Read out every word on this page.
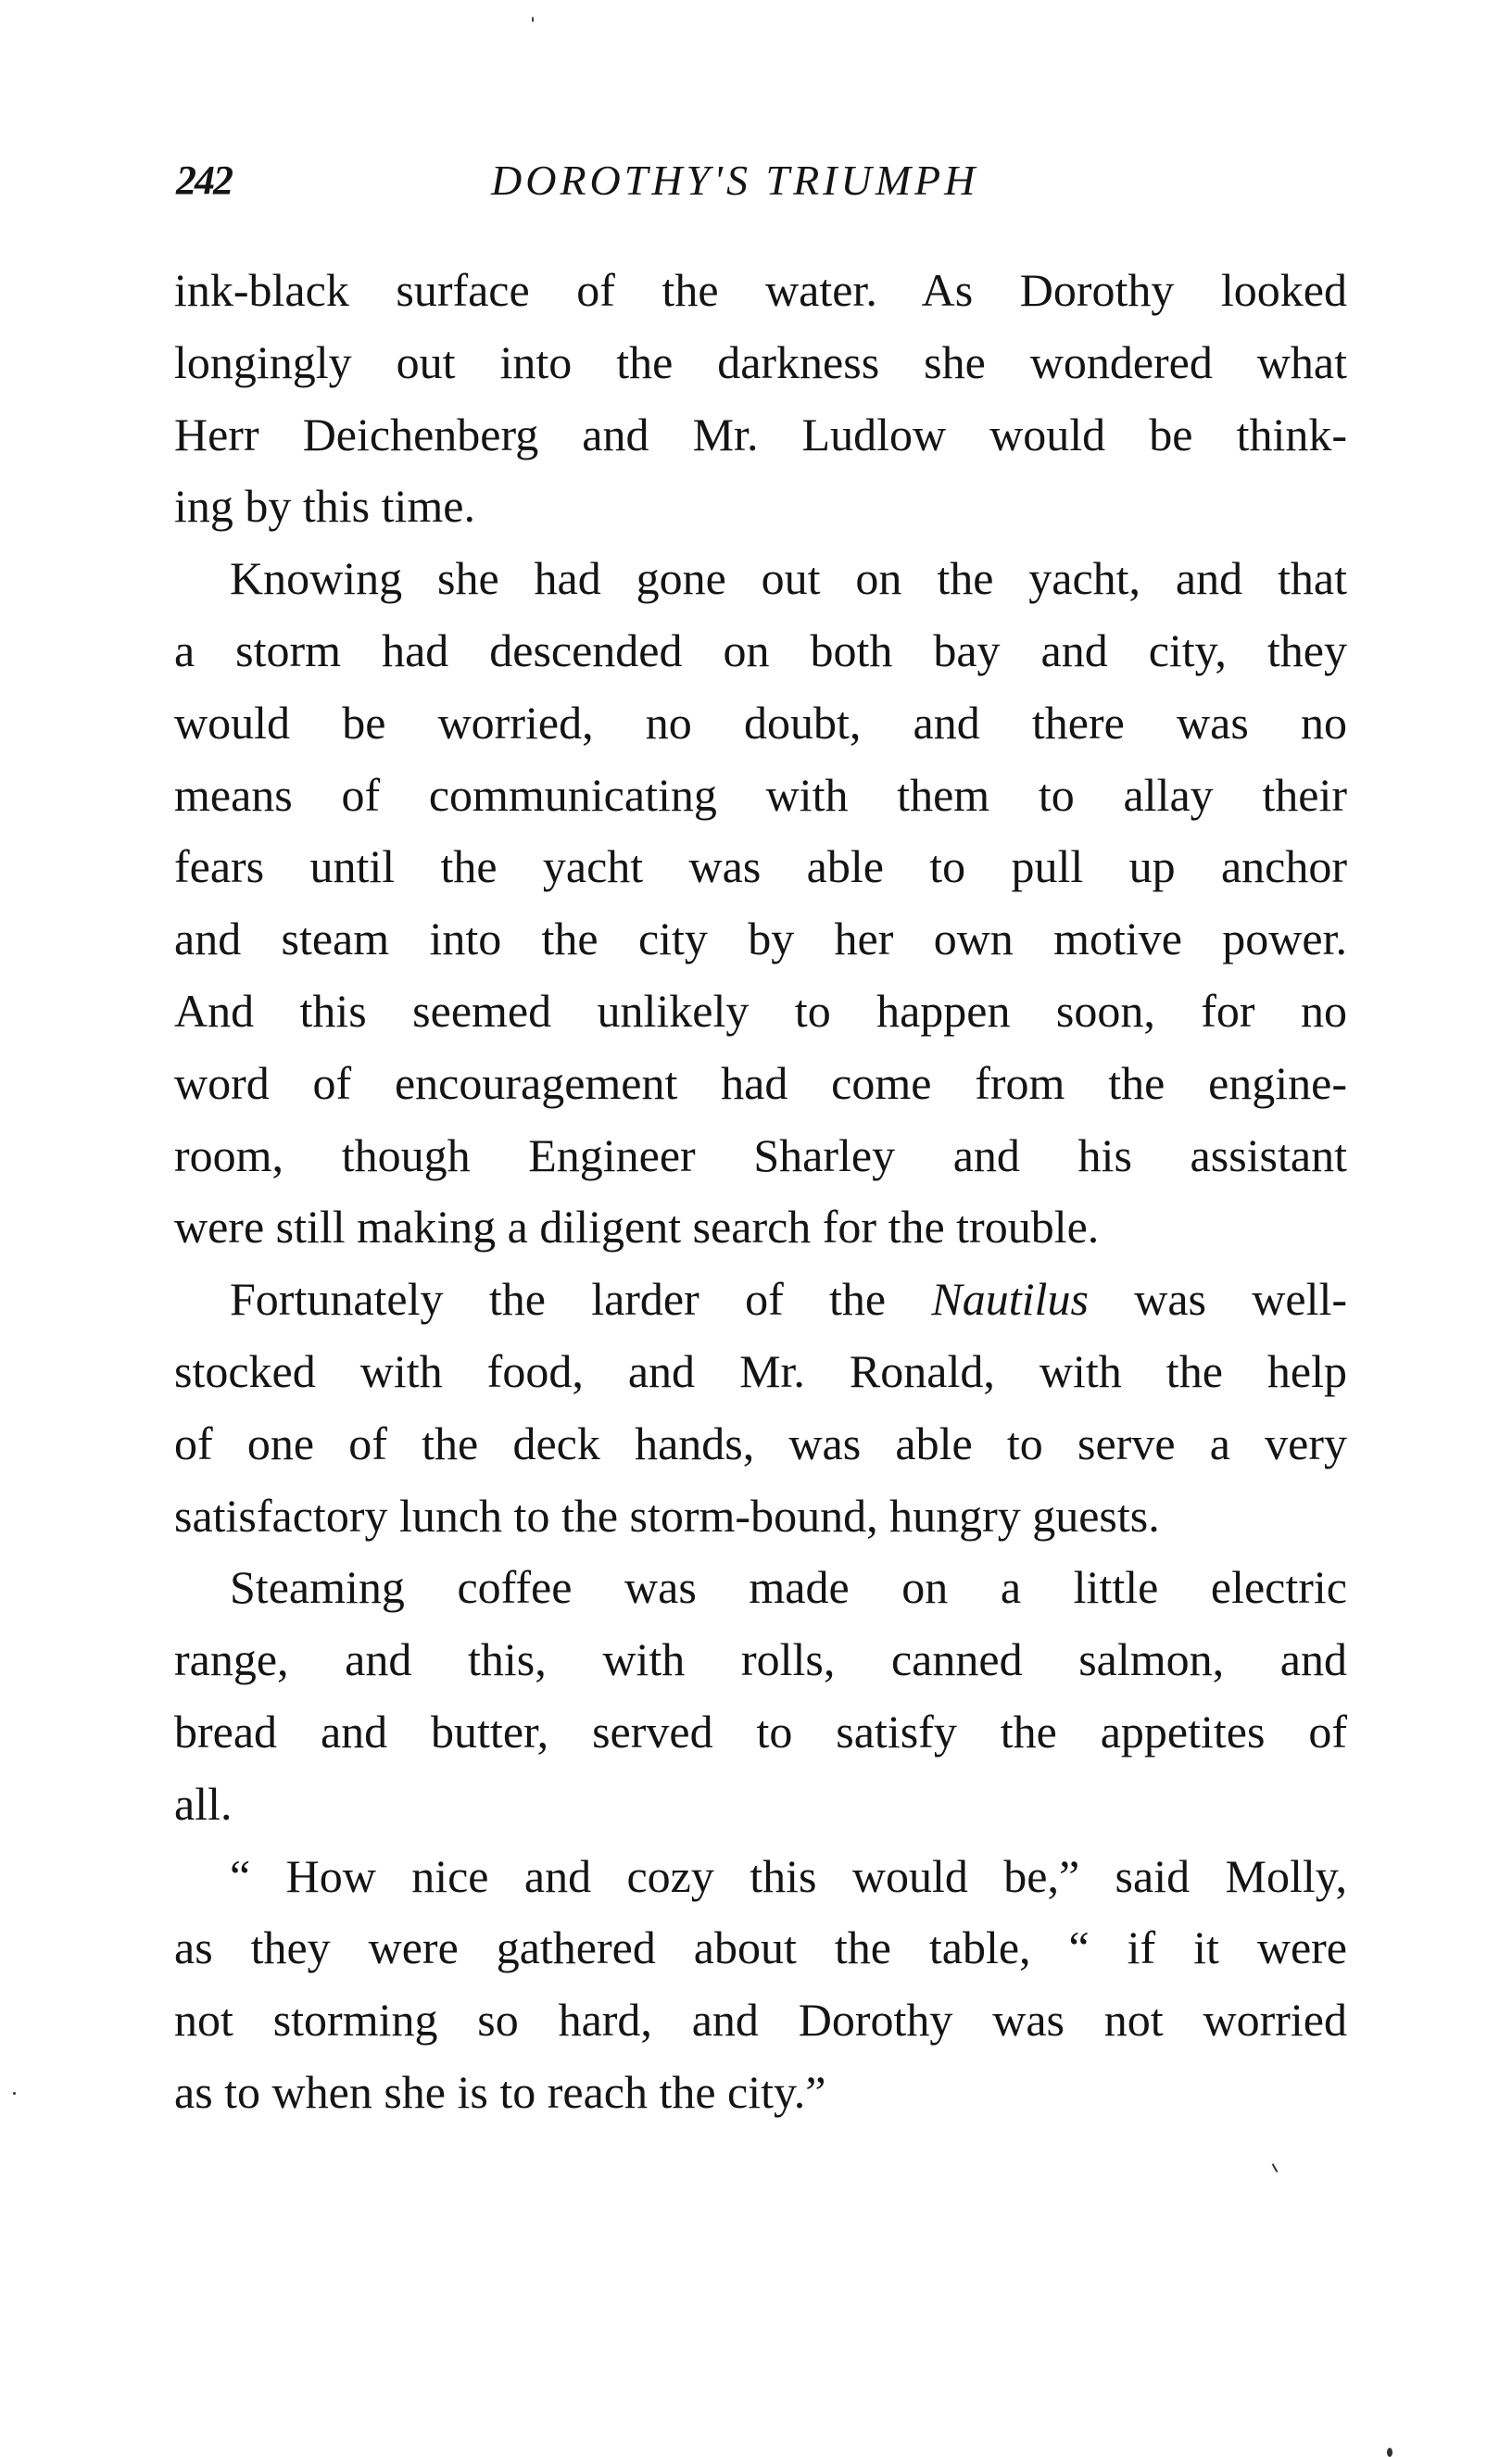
242	DOROTHY'S TRIUMPH

ink-black surface of the water. As Dorothy looked
longingly out into the darkness she wondered what
Herr Deichenberg and Mr. Ludlow would be think-
ing by this time.

Knowing she had gone out on the yacht, and that
a storm had descended on both bay and city, they
would be worried, no doubt, and there was no
means of communicating with them to allay their
fears until the yacht was able to pull up anchor
and steam into the city by her own motive power.
And this seemed unlikely to happen soon, for no
word of encouragement had come from the engine-
room, though Engineer Sharley and his assistant
were still making a diligent search for the trouble.

Fortunately the larder of the Nautilus was well-
stocked with food, and Mr. Ronald, with the help
of one of the deck hands, was able to serve a very
satisfactory lunch to the storm-bound, hungry guests.

Steaming coffee was made on a little electric
range, and this, with rolls, canned salmon, and
bread and butter, served to satisfy the appetites of
all.

“ How nice and cozy this would be,” said Molly,
as they were gathered about the table, “ if it were
not storming so hard, and Dorothy was not worried
as to when she is to reach the city.”
